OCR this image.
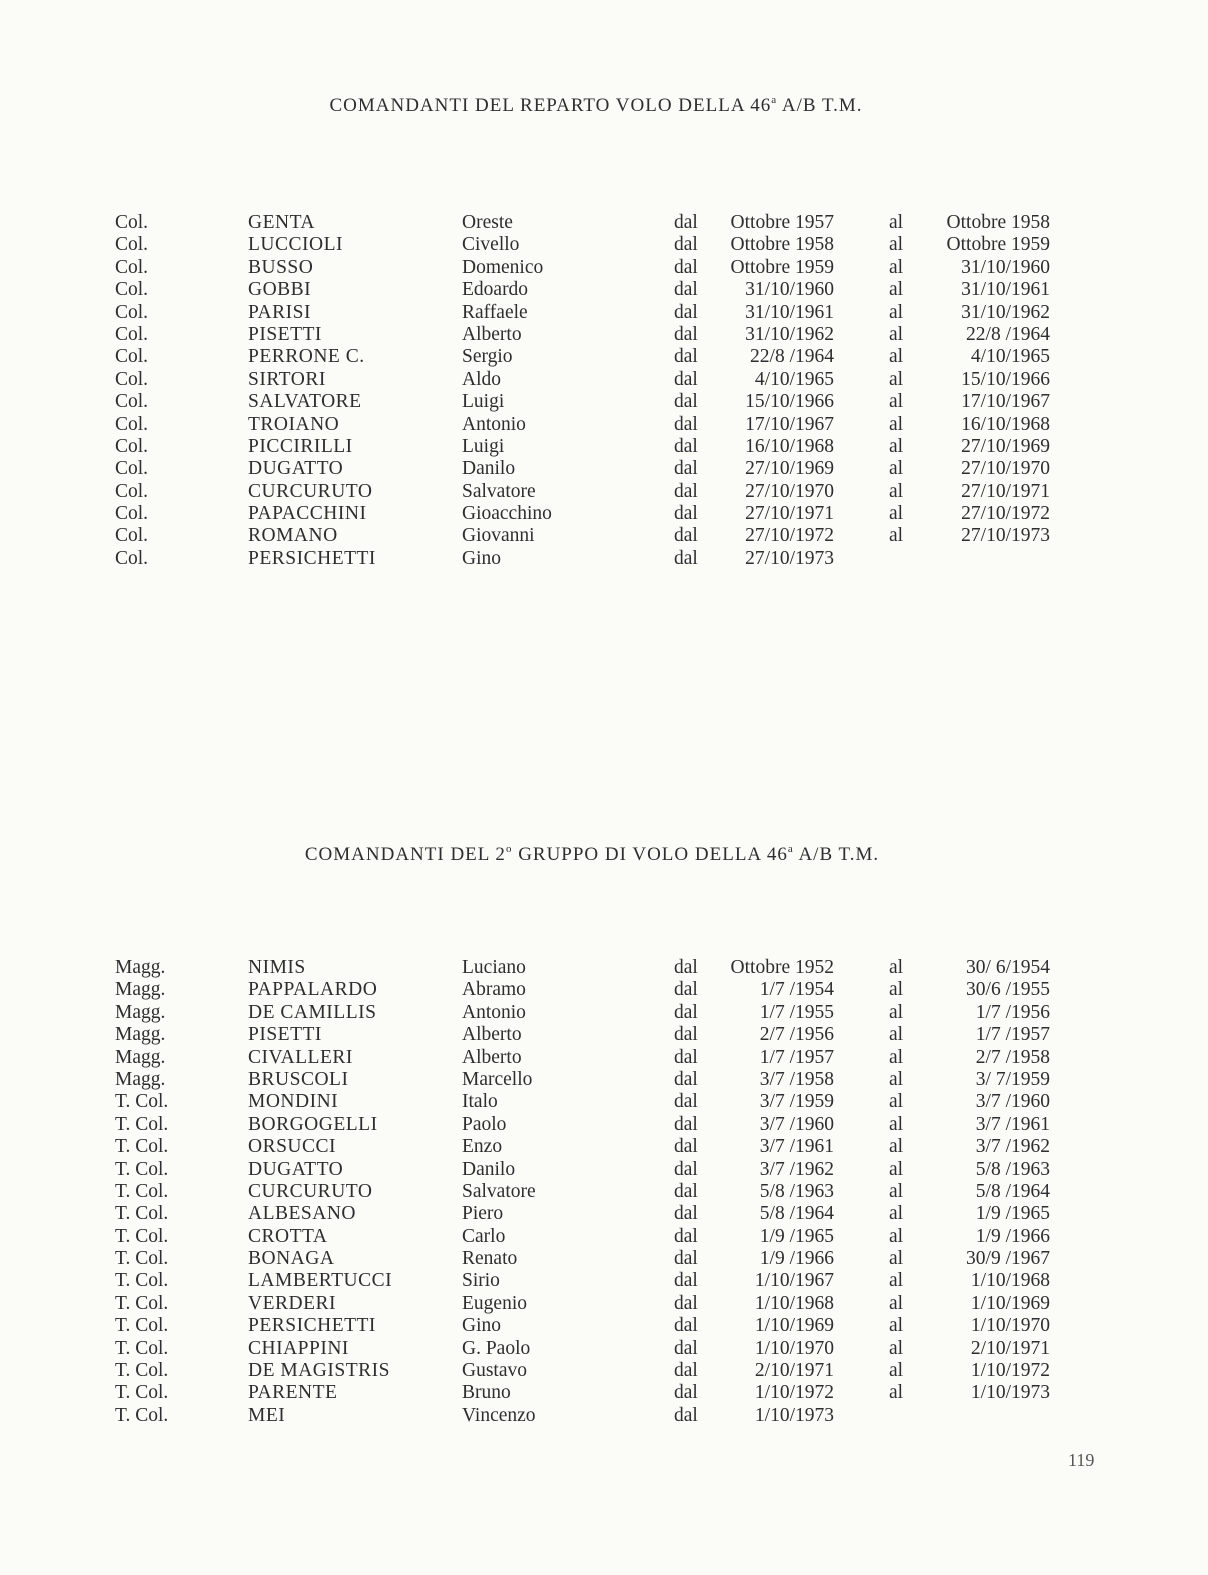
COMANDANTI DEL REPARTO VOLO DELLA 46$^a$ A/B T.M.
Col.	GENTA	Oreste	dal	Ottobre 1957	al	Ottobre 1958
Col.	LUCCIOLI	Civello	dal	Ottobre 1958	al	Ottobre 1959
Col.	BUSSO	Domenico	dal	Ottobre 1959	al	31/10/1960
Col.	GOBBI	Edoardo	dal	31/10/1960	al	31/10/1961
Col.	PARISI	Raffaele	dal	31/10/1961	al	31/10/1962
Col.	PISETTI	Alberto	dal	31/10/1962	al	22/8 /1964
Col.	PERRONE C.	Sergio	dal	22/8 /1964	al	4/10/1965
Col.	SIRTORI	Aldo	dal	4/10/1965	al	15/10/1966
Col.	SALVATORE	Luigi	dal	15/10/1966	al	17/10/1967
Col.	TROIANO	Antonio	dal	17/10/1967	al	16/10/1968
Col.	PICCIRILLI	Luigi	dal	16/10/1968	al	27/10/1969
Col.	DUGATTO	Danilo	dal	27/10/1969	al	27/10/1970
Col.	CURCURUTO	Salvatore	dal	27/10/1970	al	27/10/1971
Col.	PAPACCHINI	Gioacchino	dal	27/10/1971	al	27/10/1972
Col.	ROMANO	Giovanni	dal	27/10/1972	al	27/10/1973
Col.	PERSICHETTI	Gino	dal	27/10/1973
COMANDANTI DEL 2$^o$ GRUPPO DI VOLO DELLA 46$^a$ A/B T.M.
Magg.	NIMIS	Luciano	dal	Ottobre 1952	al	30/ 6/1954
Magg.	PAPPALARDO	Abramo	dal	1/7 /1954	al	30/6 /1955
Magg.	DE CAMILLIS	Antonio	dal	1/7 /1955	al	1/7 /1956
Magg.	PISETTI	Alberto	dal	2/7 /1956	al	1/7 /1957
Magg.	CIVALLERI	Alberto	dal	1/7 /1957	al	2/7 /1958
Magg.	BRUSCOLI	Marcello	dal	3/7 /1958	al	3/ 7/1959
T. Col.	MONDINI	Italo	dal	3/7 /1959	al	3/7 /1960
T. Col.	BORGOGELLI	Paolo	dal	3/7 /1960	al	3/7 /1961
T. Col.	ORSUCCI	Enzo	dal	3/7 /1961	al	3/7 /1962
T. Col.	DUGATTO	Danilo	dal	3/7 /1962	al	5/8 /1963
T. Col.	CURCURUTO	Salvatore	dal	5/8 /1963	al	5/8 /1964
T. Col.	ALBESANO	Piero	dal	5/8 /1964	al	1/9 /1965
T. Col.	CROTTA	Carlo	dal	1/9 /1965	al	1/9 /1966
T. Col.	BONAGA	Renato	dal	1/9 /1966	al	30/9 /1967
T. Col.	LAMBERTUCCI	Sirio	dal	1/10/1967	al	1/10/1968
T. Col.	VERDERI	Eugenio	dal	1/10/1968	al	1/10/1969
T. Col.	PERSICHETTI	Gino	dal	1/10/1969	al	1/10/1970
T. Col.	CHIAPPINI	G. Paolo	dal	1/10/1970	al	2/10/1971
T. Col.	DE MAGISTRIS	Gustavo	dal	2/10/1971	al	1/10/1972
T. Col.	PARENTE	Bruno	dal	1/10/1972	al	1/10/1973
T. Col.	MEI	Vincenzo	dal	1/10/1973
119
